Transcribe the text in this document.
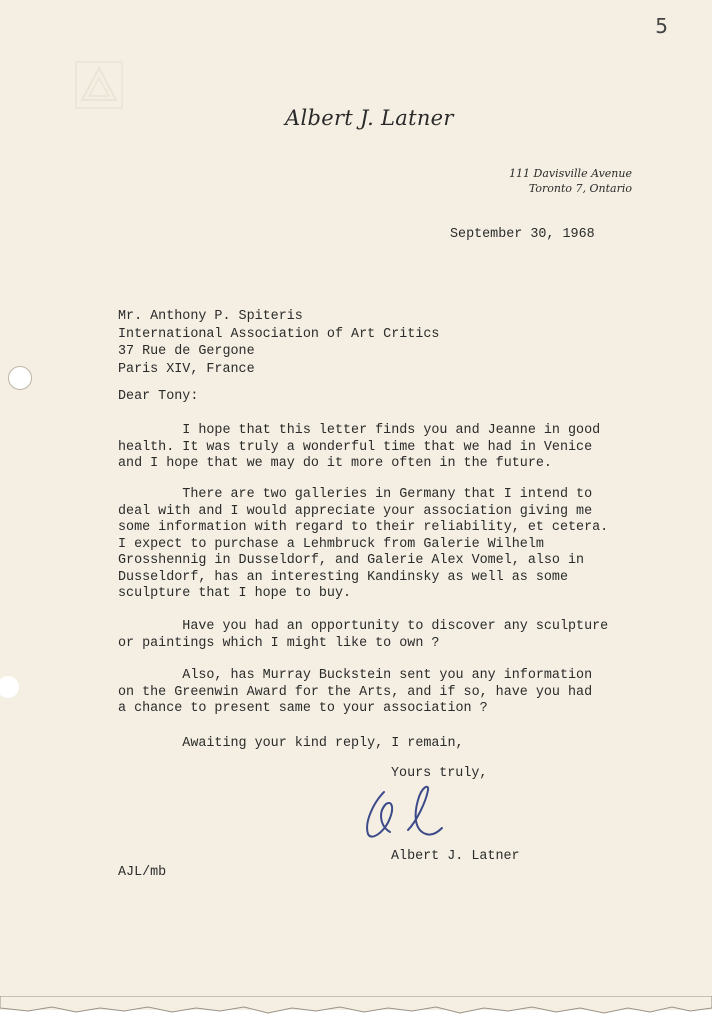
5
Albert J. Latner
111 Davisville Avenue
Toronto 7, Ontario
September 30, 1968
Mr. Anthony P. Spiteris
International Association of Art Critics
37 Rue de Gergone
Paris XIV, France
Dear Tony:
I hope that this letter finds you and Jeanne in good
health. It was truly a wonderful time that we had in Venice
and I hope that we may do it more often in the future.
There are two galleries in Germany that I intend to
deal with and I would appreciate your association giving me
some information with regard to their reliability, et cetera.
I expect to purchase a Lehmbruck from Galerie Wilhelm
Grosshennig in Dusseldorf, and Galerie Alex Vomel, also in
Dusseldorf, has an interesting Kandinsky as well as some
sculpture that I hope to buy.
Have you had an opportunity to discover any sculpture
or paintings which I might like to own ?
Also, has Murray Buckstein sent you any information
on the Greenwin Award for the Arts, and if so, have you had
a chance to present same to your association ?
Awaiting your kind reply, I remain,
Yours truly,
Albert J. Latner
AJL/mb
